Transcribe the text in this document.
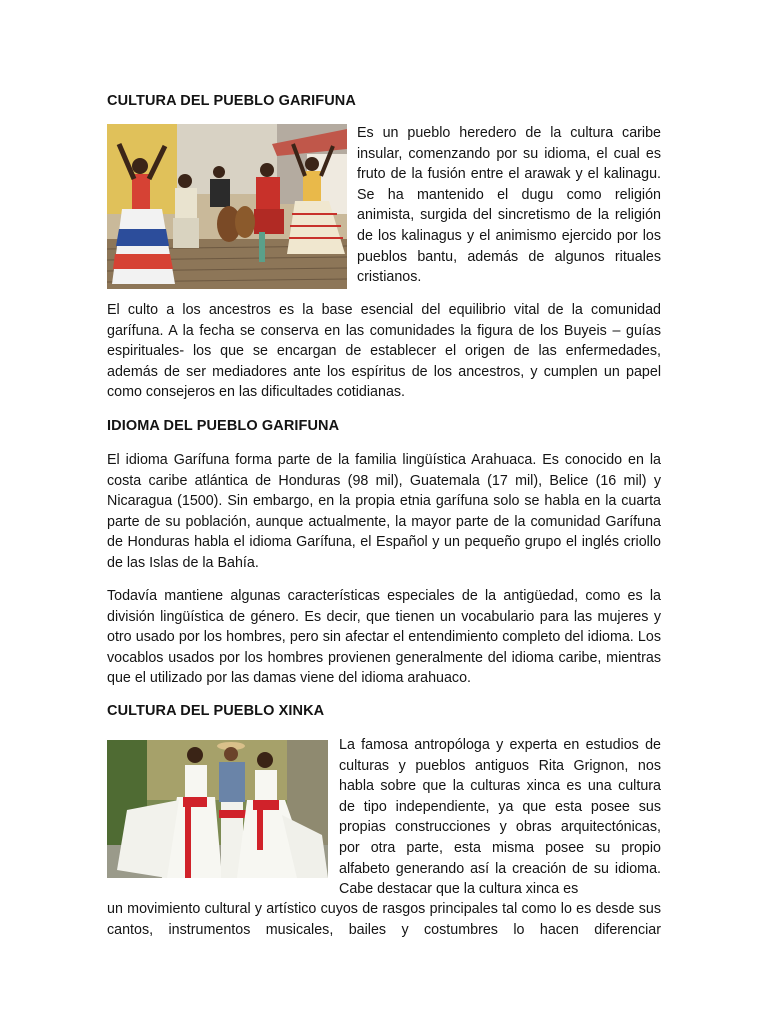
CULTURA DEL PUEBLO GARIFUNA

Es un pueblo heredero de la cultura caribe insular, comenzando por su idioma, el cual es fruto de la fusión entre el arawak y el kalinagu. Se ha mantenido el dugu como religión animista, surgida del sincretismo de la religión de los kalinagus y el animismo ejercido por los pueblos bantu, además de algunos rituales cristianos.

El culto a los ancestros es la base esencial del equilibrio vital de la comunidad garífuna. A la fecha se conserva en las comunidades la figura de los Buyeis – guías espirituales- los que se encargan de establecer el origen de las enfermedades, además de ser mediadores ante los espíritus de los ancestros, y cumplen un papel como consejeros en las dificultades cotidianas.

IDIOMA DEL PUEBLO GARIFUNA

El idioma Garífuna forma parte de la familia lingüística Arahuaca. Es conocido en la costa caribe atlántica de Honduras (98 mil), Guatemala (17 mil), Belice (16 mil) y Nicaragua (1500). Sin embargo, en la propia etnia garífuna solo se habla en la cuarta parte de su población, aunque actualmente, la mayor parte de la comunidad Garífuna de Honduras habla el idioma Garífuna, el Español y un pequeño grupo el inglés criollo de las Islas de la Bahía.

Todavía mantiene algunas características especiales de la antigüedad, como es la división lingüística de género. Es decir, que tienen un vocabulario para las mujeres y otro usado por los hombres, pero sin afectar el entendimiento completo del idioma. Los vocablos usados por los hombres provienen generalmente del idioma caribe, mientras que el utilizado por las damas viene del idioma arahuaco.

CULTURA DEL PUEBLO XINKA

La famosa antropóloga y experta en estudios de culturas y pueblos antiguos Rita Grignon, nos habla sobre que la culturas xinca es una cultura de tipo independiente, ya que esta posee sus propias construcciones y obras arquitectónicas, por otra parte, esta misma posee su propio alfabeto generando así la creación de su idioma. Cabe destacar que la cultura xinca es

un movimiento cultural y artístico cuyos de rasgos principales tal como lo es desde sus cantos, instrumentos musicales, bailes y costumbres lo hacen diferenciar
